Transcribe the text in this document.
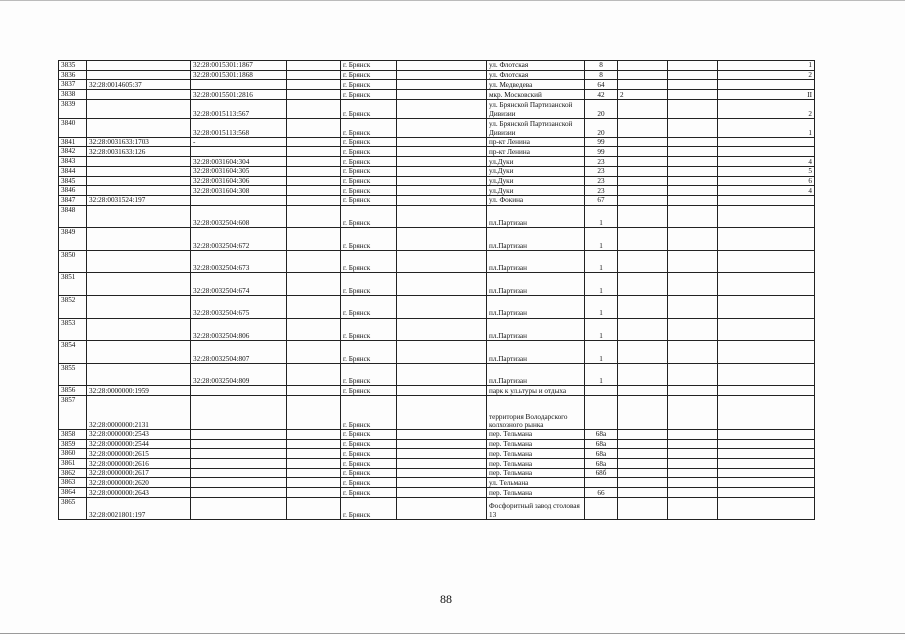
3835		32:28:0015301:1867		г. Брянск		ул. Флотская	8			1
3836		32:28:0015301:1868		г. Брянск		ул. Флотская	8			2
3837	32:28:0014605:37			г. Брянск		ул. Медведева	64			
3838		32:28:0015501:2816		г. Брянск		мкр. Московский	42	2		II
3839		32:28:0015113:567		г. Брянск		ул. Брянской Партизанской
Дивизии	20			2
3840		32:28:0015113:568		г. Брянск		ул. Брянской Партизанской
Дивизии	20			1
3841	32:28:0031633:1703	-		г. Брянск		пр-кт Ленина	99			
3842	32:28:0031633:126			г. Брянск		пр-кт Ленина	99			
3843		32:28:0031604:304		г. Брянск		ул.Дуки	23			4
3844		32:28:0031604:305		г. Брянск		ул.Дуки	23			5
3845		32:28:0031604:306		г. Брянск		ул.Дуки	23			6
3846		32:28:0031604:308		г. Брянск		ул.Дуки	23			4
3847	32:28:0031524:197			г. Брянск		ул. Фокина	67			
3848		32:28:0032504:608		г. Брянск		пл.Партизан	1			
3849		32:28:0032504:672		г. Брянск		пл.Партизан	1			
3850		32:28:0032504:673		г. Брянск		пл.Партизан	1			
3851		32:28:0032504:674		г. Брянск		пл.Партизан	1			
3852		32:28:0032504:675		г. Брянск		пл.Партизан	1			
3853		32:28:0032504:806		г. Брянск		пл.Партизан	1			
3854		32:28:0032504:807		г. Брянск		пл.Партизан	1			
3855		32:28:0032504:809		г. Брянск		пл.Партизан	1			
3856	32:28:0000000:1959			г. Брянск		парк к ул.ьтуры и отдыха				
3857	32:28:0000000:2131			г. Брянск		территория Володарского
колхозного рынка				
3858	32:28:0000000:2543			г. Брянск		пер. Тельмана	68а			
3859	32:28:0000000:2544			г. Брянск		пер. Тельмана	68а			
3860	32:28:0000000:2615			г. Брянск		пер. Тельмана	68а			
3861	32:28:0000000:2616			г. Брянск		пер. Тельмана	68а			
3862	32:28:0000000:2617			г. Брянск		пер. Тельмана	68б			
3863	32:28:0000000:2620			г. Брянск		ул. Тельмана				
3864	32:28:0000000:2643			г. Брянск		пер. Тельмана	66			
3865	32:28:0021801:197			г. Брянск		Фосфоритный завод столовая
13				
88
